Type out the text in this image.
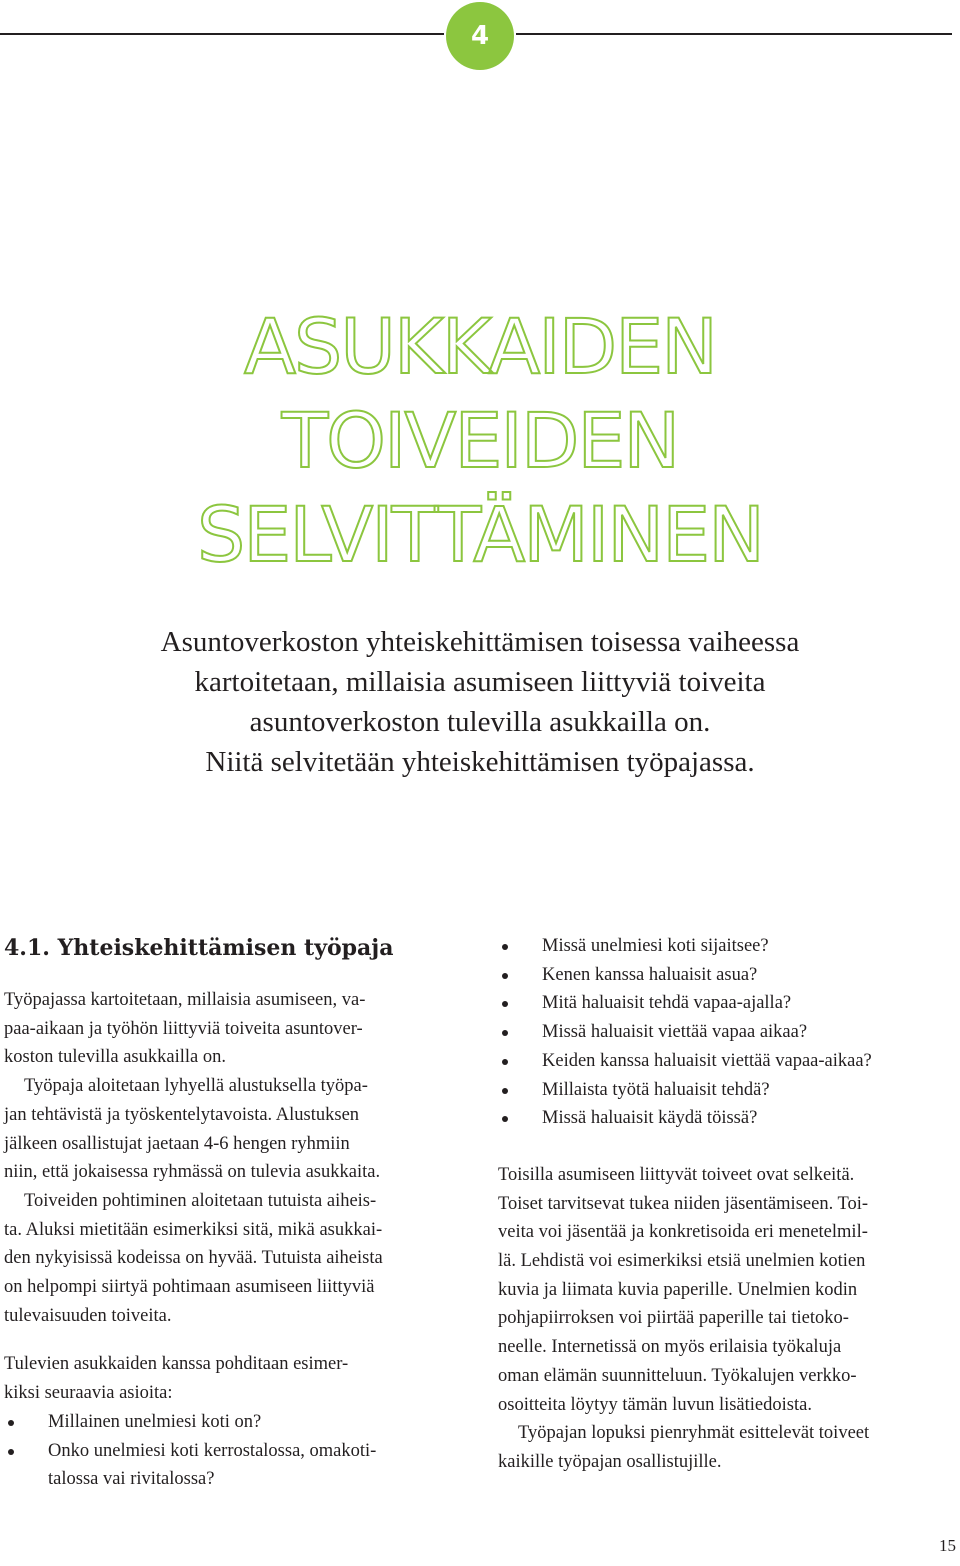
4
ASUKKAIDEN
TOIVEIDEN
SELVITTÄMINEN
Asuntoverkoston yhteiskehittämisen toisessa vaiheessa
kartoitetaan, millaisia asumiseen liittyviä toiveita
asuntoverkoston tulevilla asukkailla on.
Niitä selvitetään yhteiskehittämisen työpajassa.
4.1. Yhteiskehittämisen työpaja
Työpajassa kartoitetaan, millaisia asumiseen, va-
paa-aikaan ja työhön liittyviä toiveita asuntover-
koston tulevilla asukkailla on.
Työpaja aloitetaan lyhyellä alustuksella työpa-
jan tehtävistä ja työskentelytavoista. Alustuksen
jälkeen osallistujat jaetaan 4-6 hengen ryhmiin
niin, että jokaisessa ryhmässä on tulevia asukkaita.
Toiveiden pohtiminen aloitetaan tutuista aiheis-
ta. Aluksi mietitään esimerkiksi sitä, mikä asukkai-
den nykyisissä kodeissa on hyvää. Tutuista aiheista
on helpompi siirtyä pohtimaan asumiseen liittyviä
tulevaisuuden toiveita.
Tulevien asukkaiden kanssa pohditaan esimer-
kiksi seuraavia asioita:
Millainen unelmiesi koti on?
Onko unelmiesi koti kerrostalossa, omakoti-
talossa vai rivitalossa?
Missä unelmiesi koti sijaitsee?
Kenen kanssa haluaisit asua?
Mitä haluaisit tehdä vapaa-ajalla?
Missä haluaisit viettää vapaa aikaa?
Keiden kanssa haluaisit viettää vapaa-aikaa?
Millaista työtä haluaisit tehdä?
Missä haluaisit käydä töissä?
Toisilla asumiseen liittyvät toiveet ovat selkeitä.
Toiset tarvitsevat tukea niiden jäsentämiseen. Toi-
veita voi jäsentää ja konkretisoida eri menetelmil-
lä. Lehdistä voi esimerkiksi etsiä unelmien kotien
kuvia ja liimata kuvia paperille. Unelmien kodin
pohjapiirroksen voi piirtää paperille tai tietoko-
neelle. Internetissä on myös erilaisia työkaluja
oman elämän suunnitteluun. Työkalujen verkko-
osoitteita löytyy tämän luvun lisätiedoista.
Työpajan lopuksi pienryhmät esittelevät toiveet
kaikille työpajan osallistujille.
15
